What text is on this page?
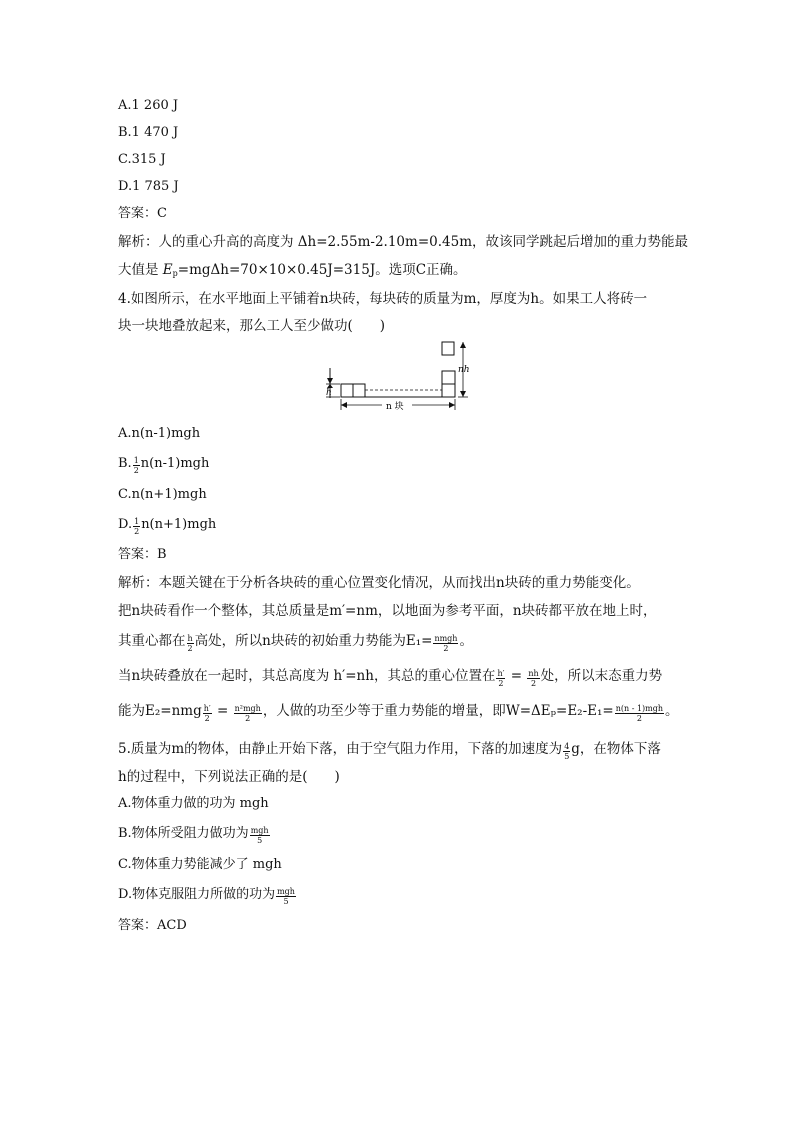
A.1 260 J
B.1 470 J
C.315 J
D.1 785 J
答案：C
解析：人的重心升高的高度为 Δh=2.55m-2.10m=0.45m，故该同学跳起后增加的重力势能最
大值是 $E_p=mg\Delta h=70\times 10\times 0.45J=315J$。选项C正确。
4.如图所示，在水平地面上平铺着n块砖，每块砖的质量为m，厚度为h。如果工人将砖一
块一块地叠放起来，那么工人至少做功(　　)
h
nh
n 块
A.n(n-1)mgh
B. $\frac{1}{2} n(n-1)mgh$
C.n(n+1)mgh
D. $\frac{1}{2} n(n+1)mgh$
答案：B
解析：本题关键在于分析各块砖的重心位置变化情况，从而找出n块砖的重力势能变化。
把n块砖看作一个整体，其总质量是m′=nm，以地面为参考平面，n块砖都平放在地上时，
其重心都在 $\frac{h}{2}$ 高处，所以n块砖的初始重力势能为$E_1= \frac{\text{nmgh}}{2}$ 。
当n块砖叠放在一起时，其总高度为 h′=nh，其总的重心位置在 $\frac{h'}{2} = \frac{nh}{2}$ 处，所以末态重力势
能为$E_2=nmg \frac{h'}{2} = \frac{\text{n²mgh}}{2}$ ，人做的功至少等于重力势能的增量，即$W=\Delta E_p=E_2-E_1= \frac{\text{n(n - 1)mgh}}{2}$ 。
5.质量为m的物体，由静止开始下落，由于空气阻力作用，下落的加速度为 $\frac{4}{5}$ g，在物体下落
h的过程中，下列说法正确的是(　　)
A.物体重力做的功为 mgh
B.物体所受阻力做功为 $\frac{\text{mgh}}{5}$
C.物体重力势能减少了 mgh
D.物体克服阻力所做的功为 $\frac{\text{mgh}}{5}$
答案：ACD
